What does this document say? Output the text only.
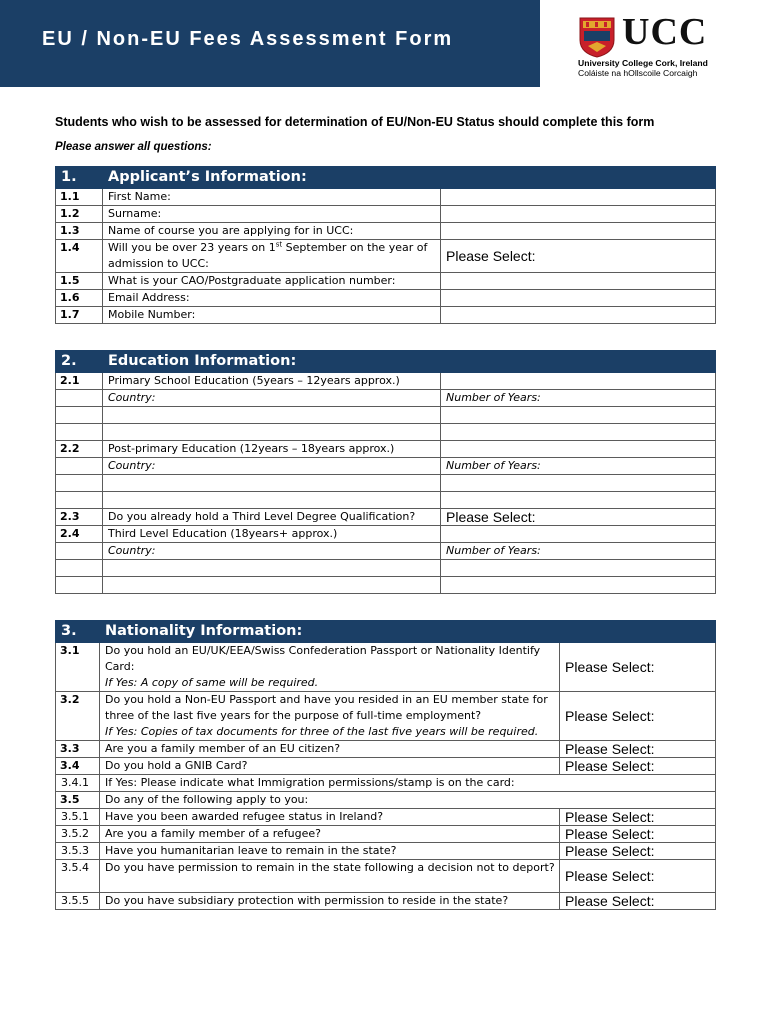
EU / Non-EU Fees Assessment Form	UCC
University College Cork, Ireland
Coláiste na hOllscoile Corcaigh
Students who wish to be assessed for determination of EU/Non-EU Status should complete this form
Please answer all questions:
1.	Applicant’s Information:	
1.1	First Name:	
1.2	Surname:	
1.3	Name of course you are applying for in UCC:	
1.4	Will you be over 23 years on 1st September on the year of admission to UCC:	Please Select:
1.5	What is your CAO/Postgraduate application number:	
1.6	Email Address:	
1.7	Mobile Number:	
2.	Education Information:	
2.1	Primary School Education (5years – 12years approx.)	
	Country:	Number of Years:

2.2	Post-primary Education (12years – 18years approx.)	
	Country:	Number of Years:

2.3	Do you already hold a Third Level Degree Qualification?	Please Select:
2.4	Third Level Education (18years+ approx.)	
	Country:	Number of Years:

3.	Nationality Information:	
3.1	Do you hold an EU/UK/EEA/Swiss Confederation Passport or Nationality Identify Card:
If Yes: A copy of same will be required.	Please Select:
3.2	Do you hold a Non-EU Passport and have you resided in an EU member state for three of the last five years for the purpose of full-time employment?
If Yes: Copies of tax documents for three of the last five years will be required.	Please Select:
3.3	Are you a family member of an EU citizen?	Please Select:
3.4	Do you hold a GNIB Card?	Please Select:
3.4.1	If Yes: Please indicate what Immigration permissions/stamp is on the card:	
3.5	Do any of the following apply to you:	
3.5.1	Have you been awarded refugee status in Ireland?	Please Select:
3.5.2	Are you a family member of a refugee?	Please Select:
3.5.3	Have you humanitarian leave to remain in the state?	Please Select:
3.5.4	Do you have permission to remain in the state following a decision not to deport?	Please Select:
3.5.5	Do you have subsidiary protection with permission to reside in the state?	Please Select:
